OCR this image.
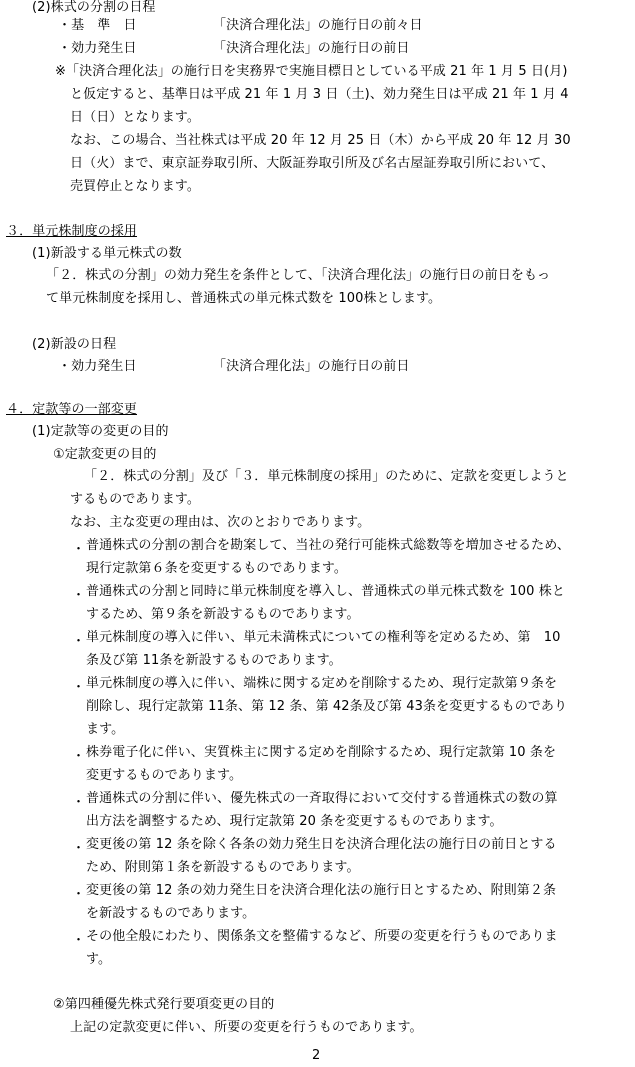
(2)株式の分割の日程
・基　準　日	「決済合理化法」の施行日の前々日
・効力発生日	「決済合理化法」の施行日の前日
※「決済合理化法」の施行日を実務界で実施目標日としている平成 21 年 1 月 5 日(月)
と仮定すると、基準日は平成 21 年 1 月 3 日（土)、効力発生日は平成 21 年 1 月 4
日（日）となります。
なお、この場合、当社株式は平成 20 年 12 月 25 日（木）から平成 20 年 12 月 30
日（火）まで、東京証券取引所、大阪証券取引所及び名古屋証券取引所において、
売買停止となります。
３．単元株制度の採用
(1)新設する単元株式の数
「２．株式の分割」の効力発生を条件として、「決済合理化法」の施行日の前日をもっ
て単元株制度を採用し、普通株式の単元株式数を 100株とします。
(2)新設の日程
・効力発生日	「決済合理化法」の施行日の前日
４．定款等の一部変更
(1)定款等の変更の目的
①定款変更の目的
「２．株式の分割」及び「３．単元株制度の採用」のために、定款を変更しようと
するものであります。
なお、主な変更の理由は、次のとおりであります。
・ 普通株式の分割の割合を勘案して、当社の発行可能株式総数等を増加させるため、
現行定款第６条を変更するものであります。
・ 普通株式の分割と同時に単元株制度を導入し、普通株式の単元株式数を 100 株と
するため、第９条を新設するものであります。
・ 単元株制度の導入に伴い、単元未満株式についての権利等を定めるため、第　10
条及び第 11条を新設するものであります。
・ 単元株制度の導入に伴い、端株に関する定めを削除するため、現行定款第９条を
削除し、現行定款第 11条、第 12 条、第 42条及び第 43条を変更するものであり
ます。
・ 株券電子化に伴い、実質株主に関する定めを削除するため、現行定款第 10 条を
変更するものであります。
・ 普通株式の分割に伴い、優先株式の一斉取得において交付する普通株式の数の算
出方法を調整するため、現行定款第 20 条を変更するものであります。
・ 変更後の第 12 条を除く各条の効力発生日を決済合理化法の施行日の前日とする
ため、附則第１条を新設するものであります。
・ 変更後の第 12 条の効力発生日を決済合理化法の施行日とするため、附則第２条
を新設するものであります。
・ その他全般にわたり、関係条文を整備するなど、所要の変更を行うものでありま
す。
②第四種優先株式発行要項変更の目的
上記の定款変更に伴い、所要の変更を行うものであります。
2
